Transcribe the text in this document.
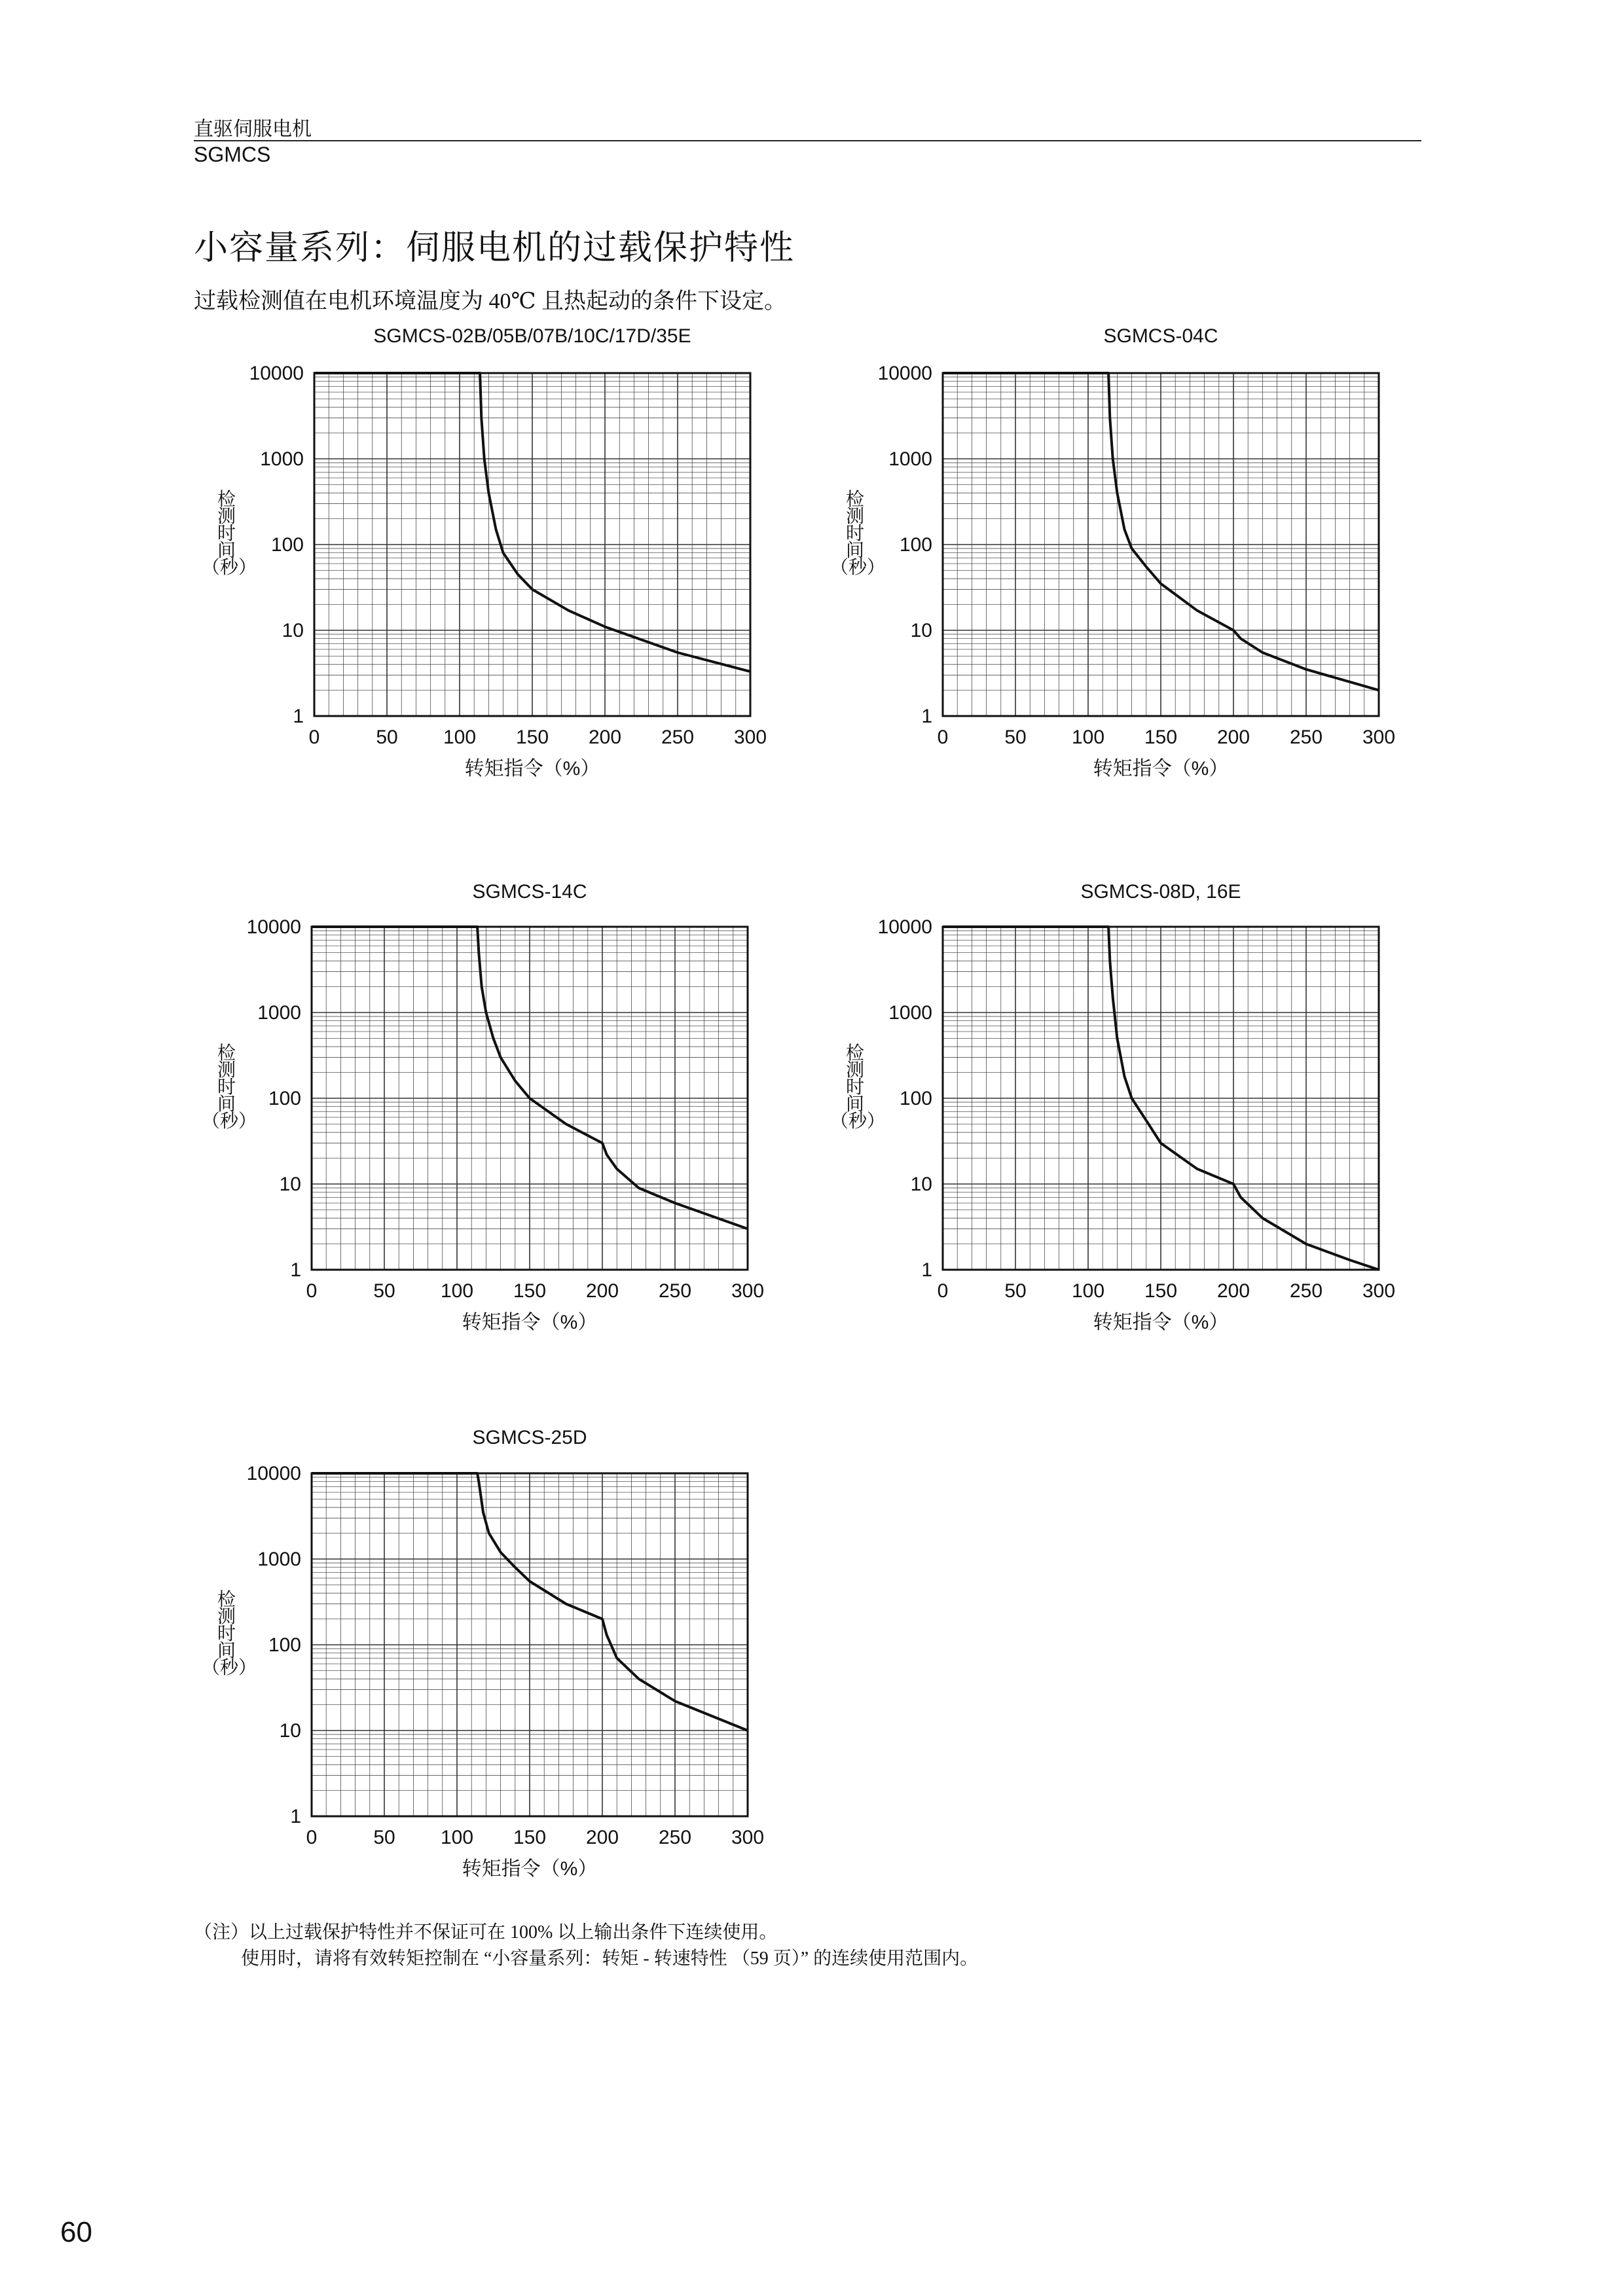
直驱伺服电机
SGMCS
小容量系列：伺服电机的过载保护特性
过载检测值在电机环境温度为 40℃ 且热起动的条件下设定。
0	50 100 150 200 250 300
10000
1000
100
10
1
转矩指令（%）
0	50 100 150 200 250 300
10000
1000
100
10
1
转矩指令（%）
0	50 100 150 200 250 300
10000
1000
100
10
1
转矩指令（%）
0	50 100 150 200 250 300
10000
1000
100
10
1
转矩指令（%）
0	50 100 150 200 250 300
10000
1000
100
10
1
转矩指令（%）
（注）以上过载保护特性并不保证可在 100% 以上输出条件下连续使用。
使用时，请将有效转矩控制在 “小容量系列：转矩 - 转速特性 （59 页）” 的连续使用范围内。
60
SGMCS-02B/05B/07B/10C/17D/35E
检
测
时
间
（秒）
SGMCS-04C
检
测
时
间
（秒）
SGMCS-14C
检
测
时
间
（秒）
SGMCS-08D, 16E
检
测
时
间
（秒）
SGMCS-25D
检
测
时
间
（秒）
